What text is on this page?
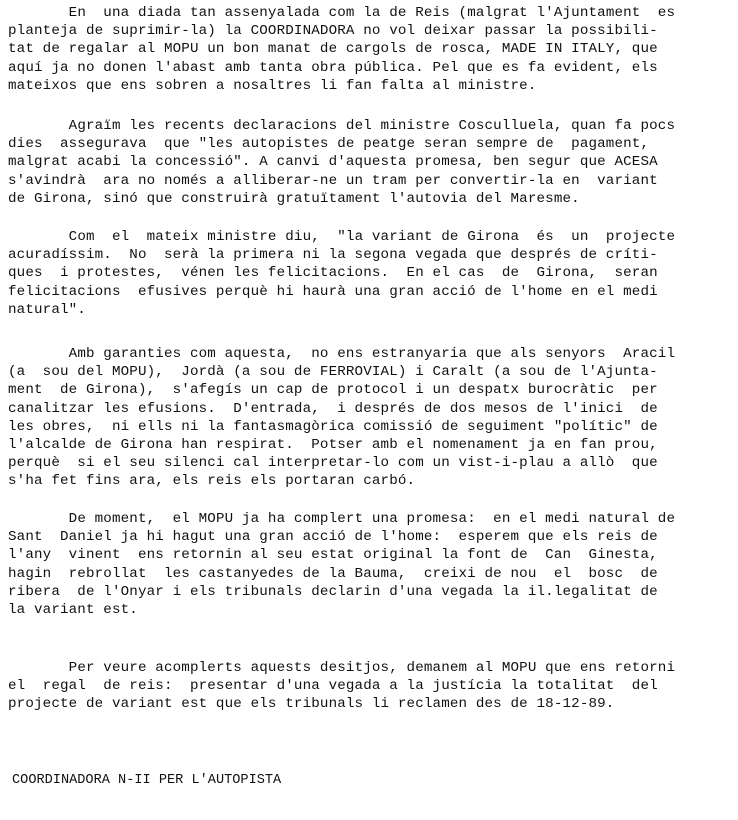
En  una diada tan assenyalada com la de Reis (malgrat l'Ajuntament  es
planteja de suprimir-la) la COORDINADORA no vol deixar passar la possibili-
tat de regalar al MOPU un bon manat de cargols de rosca, MADE IN ITALY, que
aquí ja no donen l'abast amb tanta obra pública. Pel que es fa evident, els
mateixos que ens sobren a nosaltres li fan falta al ministre.

Agraïm les recents declaracions del ministre Cosculluela, quan fa pocs
dies  assegurava  que "les autopistes de peatge seran sempre de  pagament,
malgrat acabi la concessió". A canvi d'aquesta promesa, ben segur que ACESA
s'avindrà  ara no només a alliberar-ne un tram per convertir-la en  variant
de Girona, sinó que construirà gratuïtament l'autovia del Maresme.

Com  el  mateix ministre diu,  "la variant de Girona  és  un  projecte
acuradíssim.  No  serà la primera ni la segona vegada que després de críti-
ques  i protestes,  vénen les felicitacions.  En el cas  de  Girona,  seran
felicitacions  efusives perquè hi haurà una gran acció de l'home en el medi
natural".

Amb garanties com aquesta,  no ens estranyaria que als senyors  Aracil
(a  sou del MOPU),  Jordà (a sou de FERROVIAL) i Caralt (a sou de l'Ajunta-
ment  de Girona),  s'afegís un cap de protocol i un despatx burocràtic  per
canalitzar les efusions.  D'entrada,  i després de dos mesos de l'inici  de
les obres,  ni ells ni la fantasmagòrica comissió de seguiment "polític" de
l'alcalde de Girona han respirat.  Potser amb el nomenament ja en fan prou,
perquè  si el seu silenci cal interpretar-lo com un vist-i-plau a allò  que
s'ha fet fins ara, els reis els portaran carbó.

De moment,  el MOPU ja ha complert una promesa:  en el medi natural de
Sant  Daniel ja hi hagut una gran acció de l'home:  esperem que els reis de
l'any  vinent  ens retornin al seu estat original la font de  Can  Ginesta,
hagin  rebrollat  les castanyedes de la Bauma,  creixi de nou  el  bosc  de
ribera  de l'Onyar i els tribunals declarin d'una vegada la il.legalitat de
la variant est.

Per veure acomplerts aquests desitjos, demanem al MOPU que ens retorni
el  regal  de reis:  presentar d'una vegada a la justícia la totalitat  del
projecte de variant est que els tribunals li reclamen des de 18-12-89.

COORDINADORA N-II PER L'AUTOPISTA
